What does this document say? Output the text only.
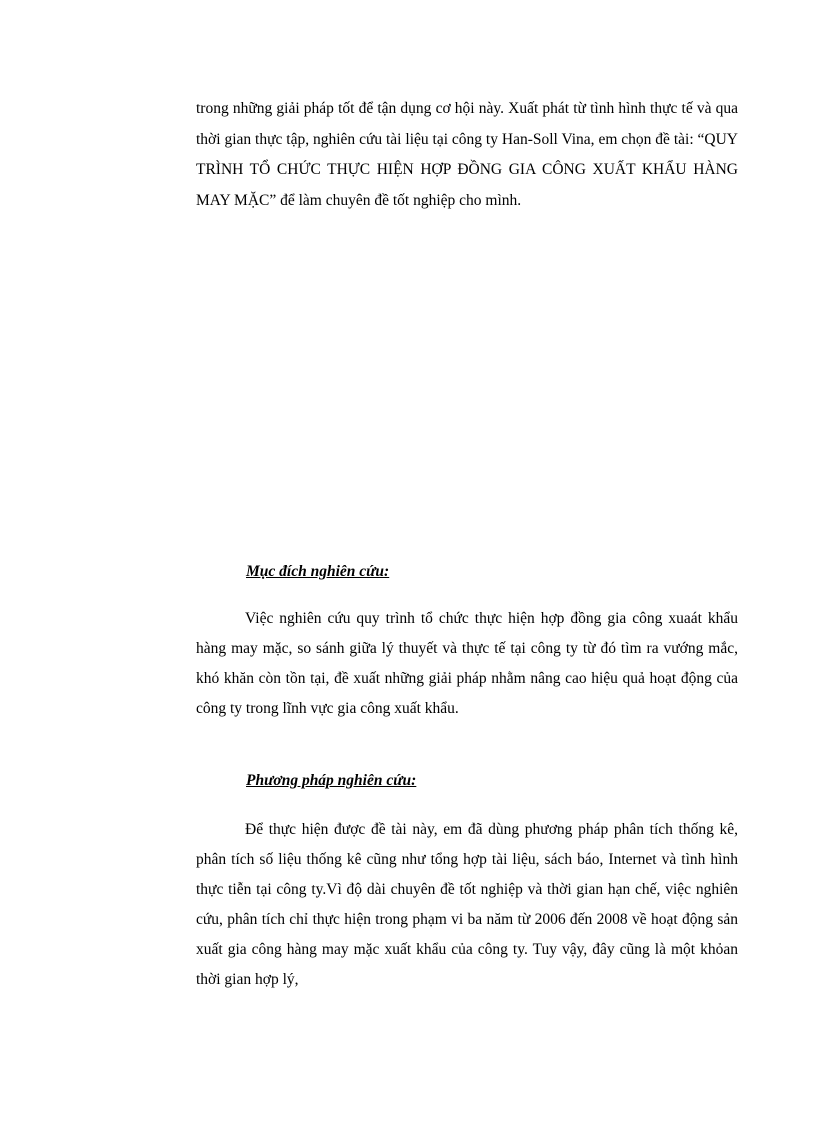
trong những giải pháp tốt để tận dụng cơ hội này. Xuất phát từ tình hình thực tế và qua thời gian thực tập, nghiên cứu tài liệu tại công ty Han-Soll Vina, em chọn đề tài: “QUY TRÌNH TỔ CHỨC THỰC HIỆN HỢP ĐỒNG GIA CÔNG XUẤT KHẨU HÀNG MAY MẶC” để làm chuyên đề tốt nghiệp cho mình.

Mục đích nghiên cứu:

Việc nghiên cứu quy trình tổ chức thực hiện hợp đồng gia công xuaát khẩu hàng may mặc, so sánh giữa lý thuyết và thực tế tại công ty từ đó tìm ra vướng mắc, khó khăn còn tồn tại, đề xuất những giải pháp nhằm nâng cao hiệu quả hoạt động của công ty trong lĩnh vực gia công xuất khẩu.

Phương pháp nghiên cứu:

Để thực hiện được đề tài này, em đã dùng phương pháp phân tích thống kê, phân tích số liệu thống kê cũng như tổng hợp tài liệu, sách báo, Internet và tình hình thực tiễn tại công ty.Vì độ dài chuyên đề tốt nghiệp và thời gian hạn chế, việc nghiên cứu, phân tích chỉ thực hiện trong phạm vi ba năm từ 2006 đến 2008 về hoạt động sản xuất gia công hàng may mặc xuất khẩu của công ty. Tuy vậy, đây cũng là một khỏan thời gian hợp lý,
